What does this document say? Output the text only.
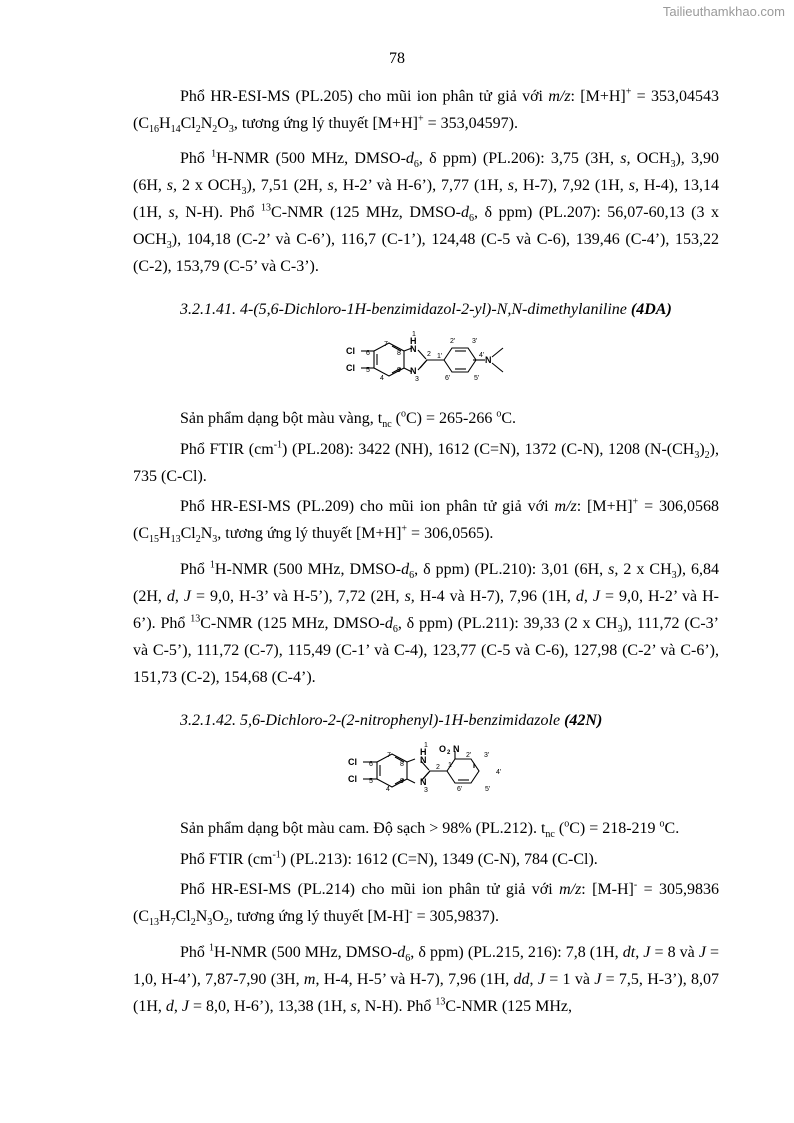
Tailieuthamkhao.com
78

Phổ HR-ESI-MS (PL.205) cho mũi ion phân tử giả với m/z: [M+H]+ = 353,04543 ($C_{16}H_{14}Cl_2N_2O_3$, tương ứng lý thuyết [M+H]+ = 353,04597).

Phổ $^1$H-NMR (500 MHz, DMSO-$d_6$, δ ppm) (PL.206): 3,75 (3H, s, $OCH_3$), 3,90 (6H, s, 2 x $OCH_3$), 7,51 (2H, s, H-2’ và H-6’), 7,77 (1H, s, H-7), 7,92 (1H, s, H-4), 13,14 (1H, s, N-H). Phổ $^{13}$C-NMR (125 MHz, DMSO-$d_6$, δ ppm) (PL.207): 56,07-60,13 (3 x $OCH_3$), 104,18 (C-2’ và C-6’), 116,7 (C-1’), 124,48 (C-5 và C-6), 139,46 (C-4’), 153,22 (C-2), 153,79 (C-5’ và C-3’).

3.2.1.41. 4-(5,6-Dichloro-1H-benzimidazol-2-yl)-N,N-dimethylaniline (4DA)

1
7
6
5
4
8
9
2
3
2' 3'
1'	4'
6'	5'
H
N
N
Cl
Cl
N

Sản phẩm dạng bột màu vàng, $t_{nc}$ ($^o$C) = 265-266 $^o$C.

Phổ FTIR $(cm^{-1})$ (PL.208): 3422 (NH), 1612 (C=N), 1372 (C-N), 1208 $(N-(CH_3)_2)$, 735 (C-Cl).

Phổ HR-ESI-MS (PL.209) cho mũi ion phân tử giả với m/z: [M+H]+ = 306,0568 ($C_{15}H_{13}Cl_2N_3$, tương ứng lý thuyết [M+H]+ = 306,0565).

Phổ $^1$H-NMR (500 MHz, DMSO-$d_6$, δ ppm) (PL.210): 3,01 (6H, s, 2 x $CH_3$), 6,84 (2H, d, J = 9,0, H-3’ và H-5’), 7,72 (2H, s, H-4 và H-7), 7,96 (1H, d, J = 9,0, H-2’ và H-6’). Phổ $^{13}$C-NMR (125 MHz, DMSO-$d_6$, δ ppm) (PL.211): 39,33 (2 x $CH_3$), 111,72 (C-3’ và C-5’), 111,72 (C-7), 115,49 (C-1’ và C-4), 123,77 (C-5 và C-6), 127,98 (C-2’ và C-6’), 151,73 (C-2), 154,68 (C-4’).

3.2.1.42. 5,6-Dichloro-2-(2-nitrophenyl)-1H-benzimidazole (42N)

1
7
6
5
4
8
9
2
3
2' 3'
1'
4'
6'	5'
H
N
N
Cl
Cl
O N
2

Sản phẩm dạng bột màu cam. Độ sạch > 98% (PL.212). $t_{nc}$ ($^o$C) = 218-219 $^o$C.

Phổ FTIR $(cm^{-1})$ (PL.213): 1612 (C=N), 1349 (C-N), 784 (C-Cl).

Phổ HR-ESI-MS (PL.214) cho mũi ion phân tử giả với m/z: [M-H]- = 305,9836 ($C_{13}H_7Cl_2N_3O_2$, tương ứng lý thuyết [M-H]- = 305,9837).

Phổ $^1$H-NMR (500 MHz, DMSO-$d_6$, δ ppm) (PL.215, 216): 7,8 (1H, dt, J = 8 và J = 1,0, H-4’), 7,87-7,90 (3H, m, H-4, H-5’ và H-7), 7,96 (1H, dd, J = 1 và J = 7,5, H-3’), 8,07 (1H, d, J = 8,0, H-6’), 13,38 (1H, s, N-H). Phổ $^{13}$C-NMR (125 MHz,
